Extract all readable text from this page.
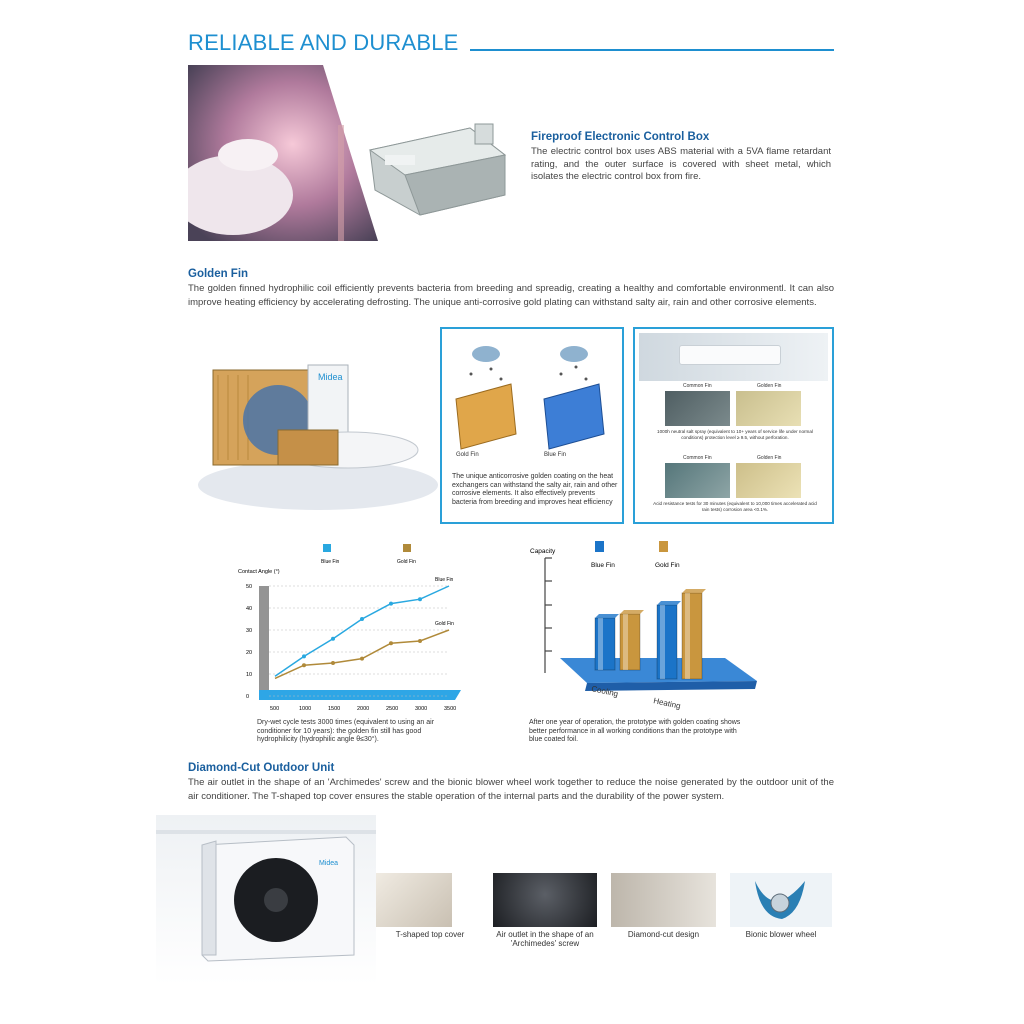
RELIABLE AND DURABLE
Fireproof Electronic Control Box
The electric control box uses ABS material with a 5VA flame retardant rating, and the outer surface is covered with sheet metal, which isolates the electric control box from fire.
Golden Fin
The golden finned hydrophilic coil efficiently prevents bacteria from breeding and spreadig, creating a healthy and comfortable environmentl. It can also improve heating efficiency by accelerating defrosting. The unique anti-corrosive gold plating can withstand salty air, rain and other corrosive elements.
Midea
Gold Fin	Blue Fin
The unique anticorrosive golden coating on the heat exchangers can withstand the salty air, rain and other corrosive elements. It also effectively prevents bacteria from breeding and improves heat efficiency
Common Fin	Golden Fin
1000h neutral salt spray (equivalent to 10+ years of service life under normal conditions) protection level ≥ 9.5, without perforation.
Common Fin	Golden Fin
Acid resistance tests for 30 minutes (equivalent to 10,000 times accelerated acid rain tests) corrosion area <0.1%.
Blue Fin	Gold Fin
Contact Angle (°)
0
10
20
30
40
50
500	1000	1500	2000	2500	3000	3500
Blue Fin
Gold Fin
Dry-wet cycle tests 3000 times (equivalent to using an air conditioner for 10 years): the golden fin still has good hydrophilicity (hydrophilic angle θ≤30°).
Capacity
Blue Fin	Gold Fin
Cooling
Heating
After one year of operation, the prototype with golden coating shows better performance in all working conditions than the prototype with blue coated foil.
Diamond-Cut Outdoor Unit
The air outlet in the shape of an 'Archimedes' screw and the bionic blower wheel work together to reduce the noise generated by the outdoor unit of the air conditioner. The T-shaped top cover ensures the stable operation of the internal parts and the durability of the power system.
Midea
T-shaped top cover	Air outlet in the shape of an 'Archimedes' screw
Diamond-cut design	Bionic blower wheel
